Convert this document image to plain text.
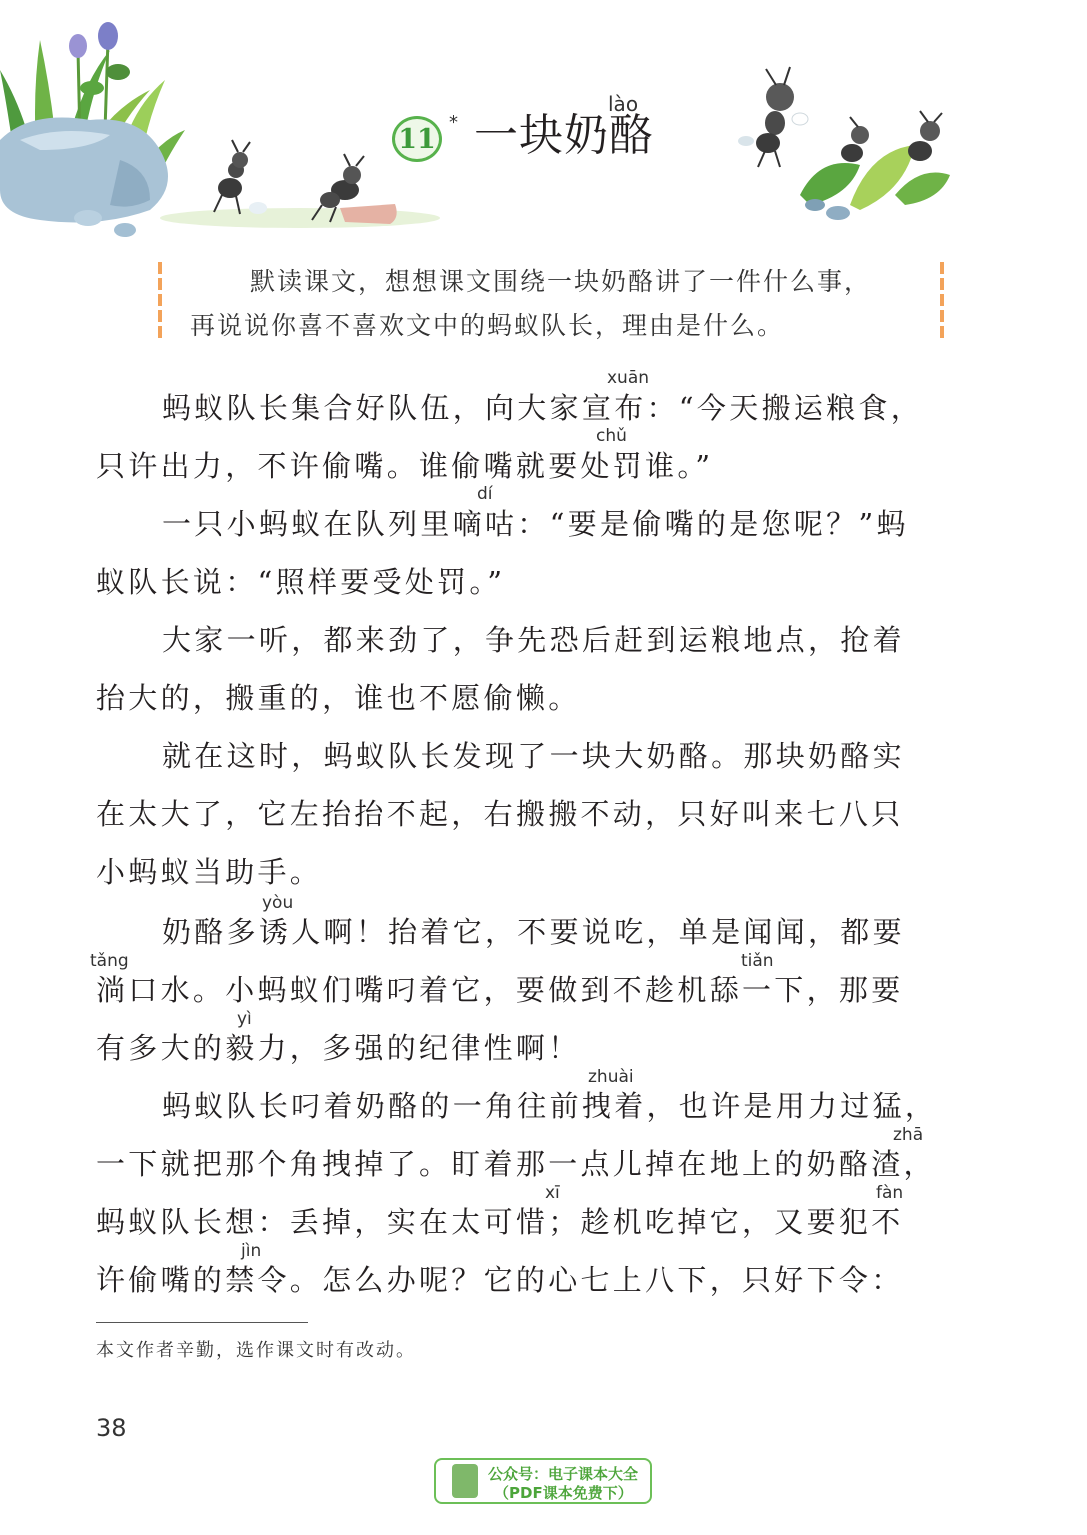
11
*
lào
一块奶酪
默读课文，想想课文围绕一块奶酪讲了一件什么事，
再说说你喜不喜欢文中的蚂蚁队长，理由是什么。
xuān
蚂蚁队长集合好队伍，向大家宣布：“今天搬运粮食，
chǔ
只许出力，不许偷嘴。谁偷嘴就要处罚谁。”
dí
一只小蚂蚁在队列里嘀咕：“要是偷嘴的是您呢？”蚂
蚁队长说：“照样要受处罚。”
大家一听，都来劲了，争先恐后赶到运粮地点，抢着
抬大的，搬重的，谁也不愿偷懒。
就在这时，蚂蚁队长发现了一块大奶酪。那块奶酪实
在太大了，它左抬抬不起，右搬搬不动，只好叫来七八只
小蚂蚁当助手。
yòu
奶酪多诱人啊！抬着它，不要说吃，单是闻闻，都要
tǎng	tiǎn
淌口水。小蚂蚁们嘴叼着它，要做到不趁机舔一下，那要
yì
有多大的毅力，多强的纪律性啊！
zhuài
蚂蚁队长叼着奶酪的一角往前拽着，也许是用力过猛，
zhā
一下就把那个角拽掉了。盯着那一点儿掉在地上的奶酪渣，
xī	fàn
蚂蚁队长想：丢掉，实在太可惜；趁机吃掉它，又要犯不
jìn
许偷嘴的禁令。怎么办呢？它的心七上八下，只好下令：
本文作者辛勤，选作课文时有改动。
38
公众号：电子课本大全
（PDF课本免费下）
